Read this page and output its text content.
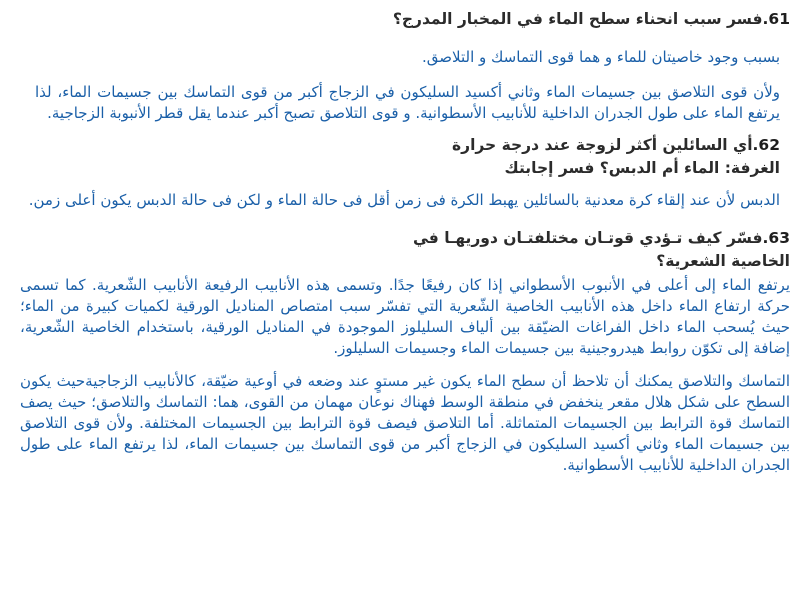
61.فسر سبب انحناء سطح الماء في المخبار المدرج؟

بسبب وجود خاصيتان للماء و هما قوى التماسك و التلاصق.

ولأن قوى التلاصق بين جسيمات الماء وثاني أكسيد السليكون في الزجاج أكبر من قوى التماسك بين جسيمات الماء، لذا يرتفع الماء على طول الجدران الداخلية للأنابيب الأسطوانية. و قوى التلاصق تصبح أكبر عندما يقل قطر الأنبوبة الزجاجية.

62.أي السائلين أكثر لزوجة عند درجة حرارة الغرفة: الماء أم الدبس؟ فسر إجابتك

الدبس لأن عند إلقاء كرة معدنية بالسائلين يهبط الكرة فى زمن أقل فى حالة الماء و لكن فى حالة الدبس يكون أعلى زمن.

63.فسّر كيف تـؤدي قوتـان مختلفتـان دوريهـا في الخاصية الشعرية؟

يرتفع الماء إلى أعلى في الأنبوب الأسطواني إذا كان رفيعًا جدًا. وتسمى هذه الأنابيب الرفيعة الأنابيب الشّعرية. كما تسمى حركة ارتفاع الماء داخل هذه الأنابيب الخاصية الشّعرية التي تفسّر سبب امتصاص المناديل الورقية لكميات كبيرة من الماء؛ حيث يُسحب الماء داخل الفراغات الضيّقة بين ألياف السليلوز الموجودة في المناديل الورقية، باستخدام الخاصية الشّعرية، إضافة إلى تكوّن روابط هيدروجينية بين جسيمات الماء وجسيمات السليلوز.

التماسك والتلاصق يمكنك أن تلاحظ أن سطح الماء يكون غير مستوٍ عند وضعه في أوعية ضيّقة، كالأنابيب الزجاجيةحيث يكون السطح على شكل هلال مقعر ينخفض في منطقة الوسط فهناك نوعان مهمان من القوى، هما: التماسك والتلاصق؛ حيث يصف التماسك قوة الترابط بين الجسيمات المتماثلة. أما التلاصق فيصف قوة الترابط بين الجسيمات المختلفة. ولأن قوى التلاصق بين جسيمات الماء وثاني أكسيد السليكون في الزجاج أكبر من قوى التماسك بين جسيمات الماء، لذا يرتفع الماء على طول الجدران الداخلية للأنابيب الأسطوانية.
